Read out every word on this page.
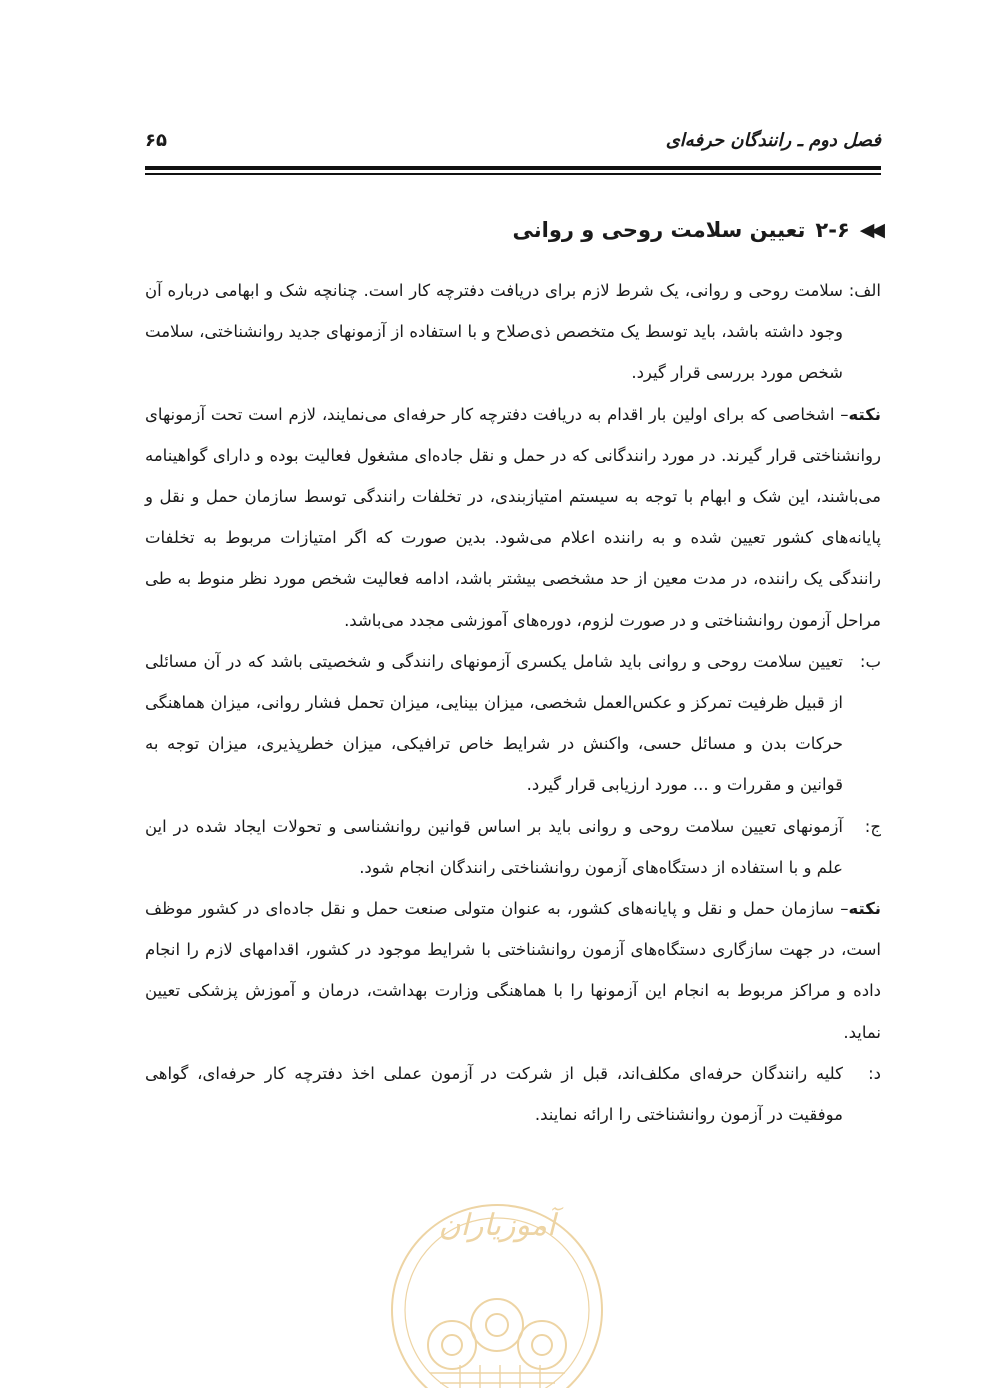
فصل دوم ـ رانندگان حرفه‌ای
۶۵
◀◀
۲-۶
تعیین سلامت روحی و روانی
الف:
سلامت روحی و روانی، یک شرط لازم برای دریافت دفترچه کار است. چنانچه شک و ابهامی درباره آن وجود داشته باشد، باید توسط یک متخصص ذی‌صلاح و با استفاده از آزمونهای جدید روانشناختی، سلامت شخص مورد بررسی قرار گیرد.

نکته– اشخاصی که برای اولین بار اقدام به دریافت دفترچه کار حرفه‌ای می‌نمایند، لازم است تحت آزمونهای روانشناختی قرار گیرند. در مورد رانندگانی که در حمل و نقل جاده‌ای مشغول فعالیت بوده و دارای گواهینامه می‌باشند، این شک و ابهام با توجه به سیستم امتیازبندی، در تخلفات رانندگی توسط سازمان حمل و نقل و پایانه‌های کشور تعیین شده و به راننده اعلام می‌شود. بدین صورت که اگر امتیازات مربوط به تخلفات رانندگی یک راننده، در مدت معین از حد مشخصی بیشتر باشد، ادامه فعالیت شخص مورد نظر منوط به طی مراحل آزمون روانشناختی و در صورت لزوم، دوره‌های آموزشی مجدد می‌باشد.

ب:
تعیین سلامت روحی و روانی باید شامل یکسری آزمونهای رانندگی و شخصیتی باشد که در آن مسائلی از قبیل ظرفیت تمرکز و عکس‌العمل شخصی، میزان بینایی، میزان تحمل فشار روانی، میزان هماهنگی حرکات بدن و مسائل حسی، واکنش در شرایط خاص ترافیکی، میزان خطرپذیری، میزان توجه به قوانین و مقررات و ... مورد ارزیابی قرار گیرد.
ج:
آزمونهای تعیین سلامت روحی و روانی باید بر اساس قوانین روانشناسی و تحولات ایجاد شده در این علم و با استفاده از دستگاه‌های آزمون روانشناختی رانندگان انجام شود.

نکته– سازمان حمل و نقل و پایانه‌های کشور، به عنوان متولی صنعت حمل و نقل جاده‌ای در کشور موظف است، در جهت سازگاری دستگاه‌های آزمون روانشناختی با شرایط موجود در کشور، اقدامهای لازم را انجام داده و مراکز مربوط به انجام این آزمونها را با هماهنگی وزارت بهداشت، درمان و آموزش پزشکی تعیین نماید.

د:
کلیه رانندگان حرفه‌ای مکلف‌اند، قبل از شرکت در آزمون عملی اخذ دفترچه کار حرفه‌ای، گواهی موفقیت در آزمون روانشناختی را ارائه نمایند.
آموزیاران
